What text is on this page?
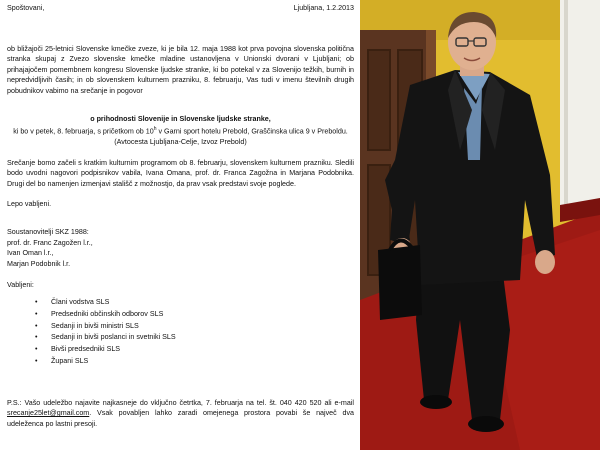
Spoštovani,	Ljubljana, 1.2.2013

ob bližajoči 25-letnici Slovenske kmečke zveze, ki je bila 12. maja 1988 kot prva povojna slovenska politična stranka skupaj z Zvezo slovenske kmečke mladine ustanovljena v Unionski dvorani v Ljubljani; ob prihajajočem pomembnem kongresu Slovenske ljudske stranke, ki bo potekal v za Slovenijo težkih, burnih in nepredvidljivih časih; in ob slovenskem kulturnem prazniku, 8. februarju, Vas tudi v imenu številnih drugih pobudnikov vabimo na srečanje in pogovor

o prihodnosti Slovenije in Slovenske ljudske stranke,

ki bo v petek, 8. februarja, s pričetkom ob 10$^h$ v Garni sport hotelu Prebold, Graščinska ulica 9 v Preboldu. (Avtocesta Ljubljana-Celje, Izvoz Prebold)

Srečanje bomo začeli s kratkim kulturnim programom ob 8. februarju, slovenskem kulturnem prazniku. Sledili bodo uvodni nagovori podpisnikov vabila, Ivana Omana, prof. dr. Franca Zagožna in Marjana Podobnika. Drugi del bo namenjen izmenjavi stališč z možnostjo, da prav vsak predstavi svoje poglede.

Lepo vabljeni.

Soustanovitelji SKZ 1988:

prof. dr. Franc Zagožen l.r.,
Ivan Oman l.r.,
Marjan Podobnik l.r.

Vabljeni:

• Člani vodstva SLS
• Predsedniki občinskih odborov SLS
• Sedanji in bivši ministri SLS
• Sedanji in bivši poslanci in svetniki SLS
• Bivši predsedniki SLS
• Župani SLS

P.S.: Vašo udeležbo najavite najkasneje do vključno četrtka, 7. februarja na tel. št. 040 420 520 ali e-mail srecanje25let@gmail.com. Vsak povabljen lahko zaradi omejenega prostora povabi še največ dva udeleženca po lastni presoji.
